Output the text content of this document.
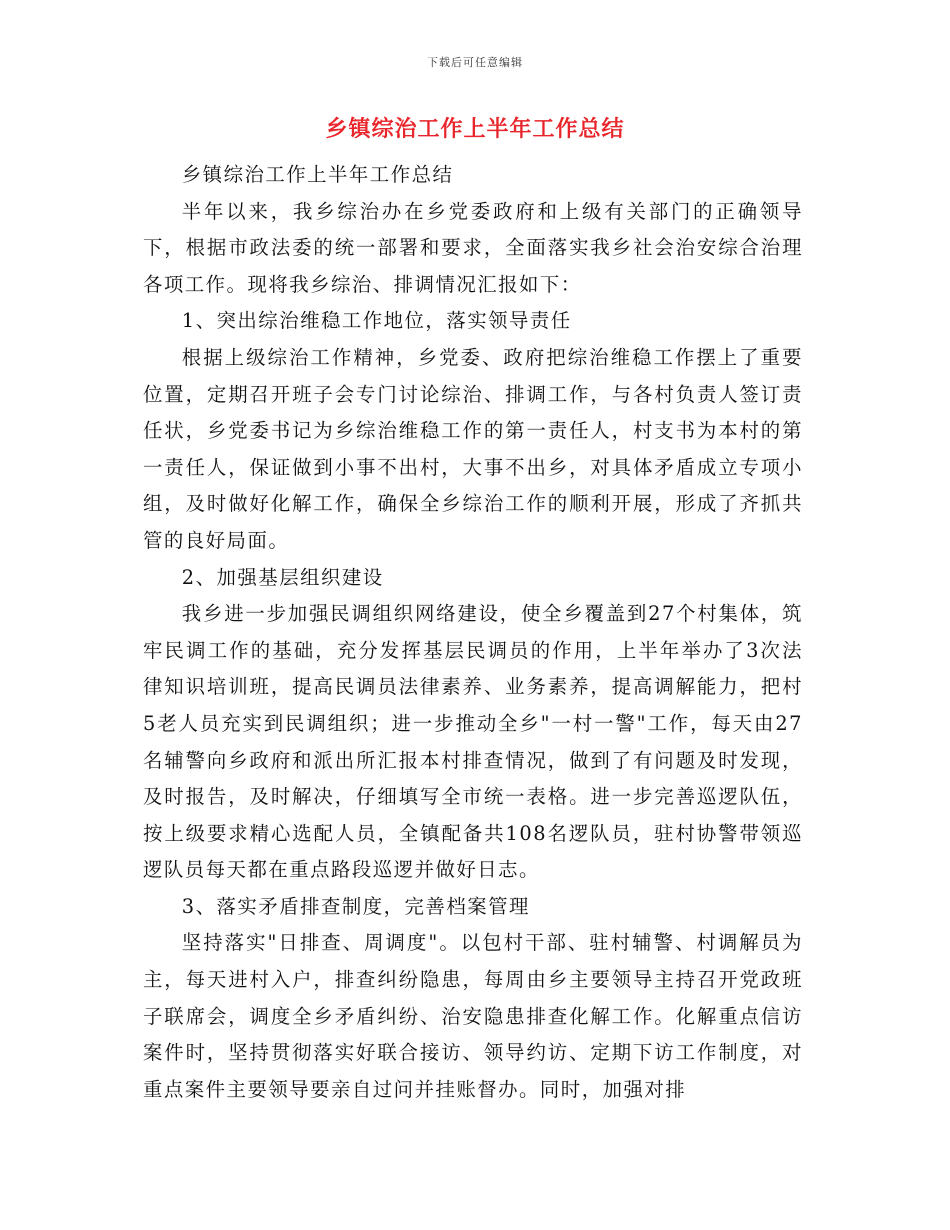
下载后可任意编辑
乡镇综治工作上半年工作总结

乡镇综治工作上半年工作总结

半年以来，我乡综治办在乡党委政府和上级有关部门的正确领导下，根据市政法委的统一部署和要求，全面落实我乡社会治安综合治理各项工作。现将我乡综治、排调情况汇报如下：

1、突出综治维稳工作地位，落实领导责任

根据上级综治工作精神，乡党委、政府把综治维稳工作摆上了重要位置，定期召开班子会专门讨论综治、排调工作，与各村负责人签订责任状，乡党委书记为乡综治维稳工作的第一责任人，村支书为本村的第一责任人，保证做到小事不出村，大事不出乡，对具体矛盾成立专项小组，及时做好化解工作，确保全乡综治工作的顺利开展，形成了齐抓共管的良好局面。

2、加强基层组织建设

我乡进一步加强民调组织网络建设，使全乡覆盖到27个村集体，筑牢民调工作的基础，充分发挥基层民调员的作用，上半年举办了3次法律知识培训班，提高民调员法律素养、业务素养，提高调解能力，把村5老人员充实到民调组织；进一步推动全乡"一村一警"工作，每天由27名辅警向乡政府和派出所汇报本村排查情况，做到了有问题及时发现，及时报告，及时解决，仔细填写全市统一表格。进一步完善巡逻队伍，按上级要求精心选配人员，全镇配备共108名逻队员，驻村协警带领巡逻队员每天都在重点路段巡逻并做好日志。

3、落实矛盾排查制度，完善档案管理

坚持落实"日排查、周调度"。以包村干部、驻村辅警、村调解员为主，每天进村入户，排查纠纷隐患，每周由乡主要领导主持召开党政班子联席会，调度全乡矛盾纠纷、治安隐患排查化解工作。化解重点信访案件时，坚持贯彻落实好联合接访、领导约访、定期下访工作制度，对重点案件主要领导要亲自过问并挂账督办。同时，加强对排
